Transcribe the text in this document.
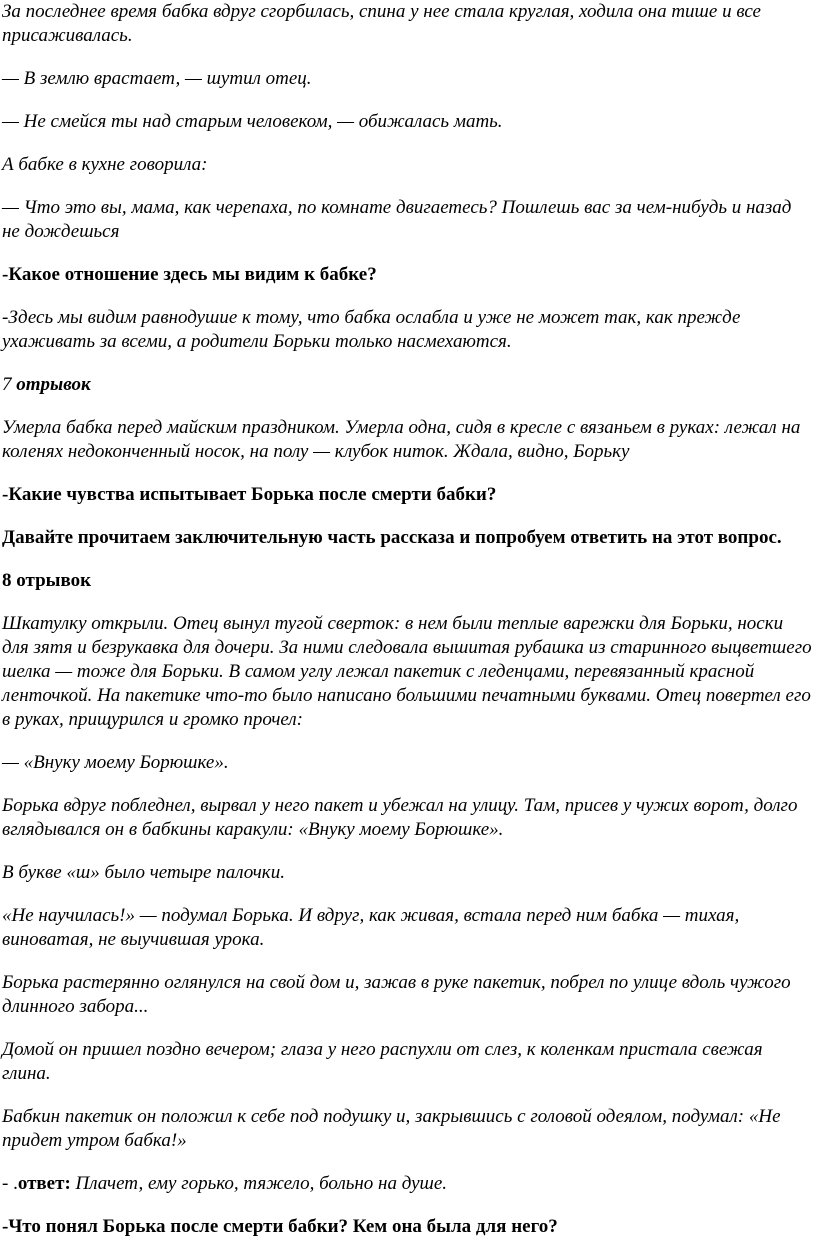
За последнее время бабка вдруг сгорбилась, спина у нее стала круглая, ходила она тише и все присаживалась.

— В землю врастает, — шутил отец.

— Не смейся ты над старым человеком, — обижалась мать.

А бабке в кухне говорила:

— Что это вы, мама, как черепаха, по комнате двигаетесь? Пошлешь вас за чем-нибудь и назад не дождешься

-Какое отношение здесь мы видим к бабке?

-Здесь мы видим равнодушие к тому, что бабка ослабла и уже не может так, как прежде ухаживать за всеми, а родители Борьки только насмехаются.

7 отрывок

Умерла бабка перед майским праздником. Умерла одна, сидя в кресле с вязаньем в руках: лежал на коленях недоконченный носок, на полу — клубок ниток. Ждала, видно, Борьку

-Какие чувства испытывает Борька после смерти бабки?

Давайте прочитаем заключительную часть рассказа и попробуем ответить на этот вопрос.

8 отрывок

Шкатулку открыли. Отец вынул тугой сверток: в нем были теплые варежки для Борьки, носки для зятя и безрукавка для дочери. За ними следовала вышитая рубашка из старинного выцветшего шелка — тоже для Борьки. В самом углу лежал пакетик с леденцами, перевязанный красной ленточкой. На пакетике что-то было написано большими печатными буквами. Отец повертел его в руках, прищурился и громко прочел:

— «Внуку моему Борюшке».

Борька вдруг побледнел, вырвал у него пакет и убежал на улицу. Там, присев у чужих ворот, долго вглядывался он в бабкины каракули: «Внуку моему Борюшке».

В букве «ш» было четыре палочки.

«Не научилась!» — подумал Борька. И вдруг, как живая, встала перед ним бабка — тихая, виноватая, не выучившая урока.

Борька растерянно оглянулся на свой дом и, зажав в руке пакетик, побрел по улице вдоль чужого длинного забора...

Домой он пришел поздно вечером; глаза у него распухли от слез, к коленкам пристала свежая глина.

Бабкин пакетик он положил к себе под подушку и, закрывшись с головой одеялом, подумал: «Не придет утром бабка!»

- .ответ: Плачет, ему горько, тяжело, больно на душе.

-Что понял Борька после смерти бабки? Кем она была для него?
